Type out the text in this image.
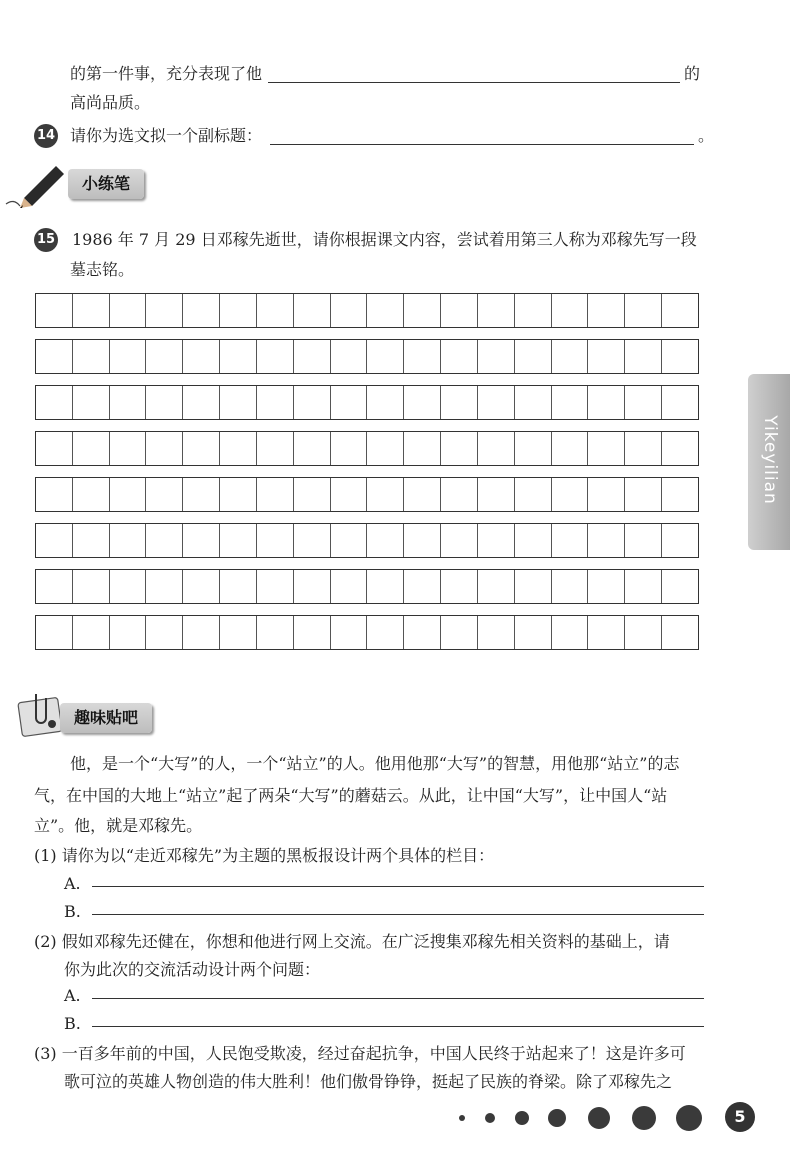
的第一件事，充分表现了他	的
高尚品质。
14 请你为选文拟一个副标题：	。
小练笔
15 1986 年 7 月 29 日邓稼先逝世，请你根据课文内容，尝试着用第三人称为邓稼先写一段
墓志铭。
Yikeyilian
趣味贴吧
他，是一个“大写”的人，一个“站立”的人。他用他那“大写”的智慧，用他那“站立”的志
气，在中国的大地上“站立”起了两朵“大写”的蘑菇云。从此，让中国“大写”，让中国人“站
立”。他，就是邓稼先。
(1) 请你为以“走近邓稼先”为主题的黑板报设计两个具体的栏目：
A.
B.
(2) 假如邓稼先还健在，你想和他进行网上交流。在广泛搜集邓稼先相关资料的基础上，请
你为此次的交流活动设计两个问题：
A.
B.
(3) 一百多年前的中国，人民饱受欺凌，经过奋起抗争，中国人民终于站起来了！这是许多可
歌可泣的英雄人物创造的伟大胜利！他们傲骨铮铮，挺起了民族的脊梁。除了邓稼先之
5
